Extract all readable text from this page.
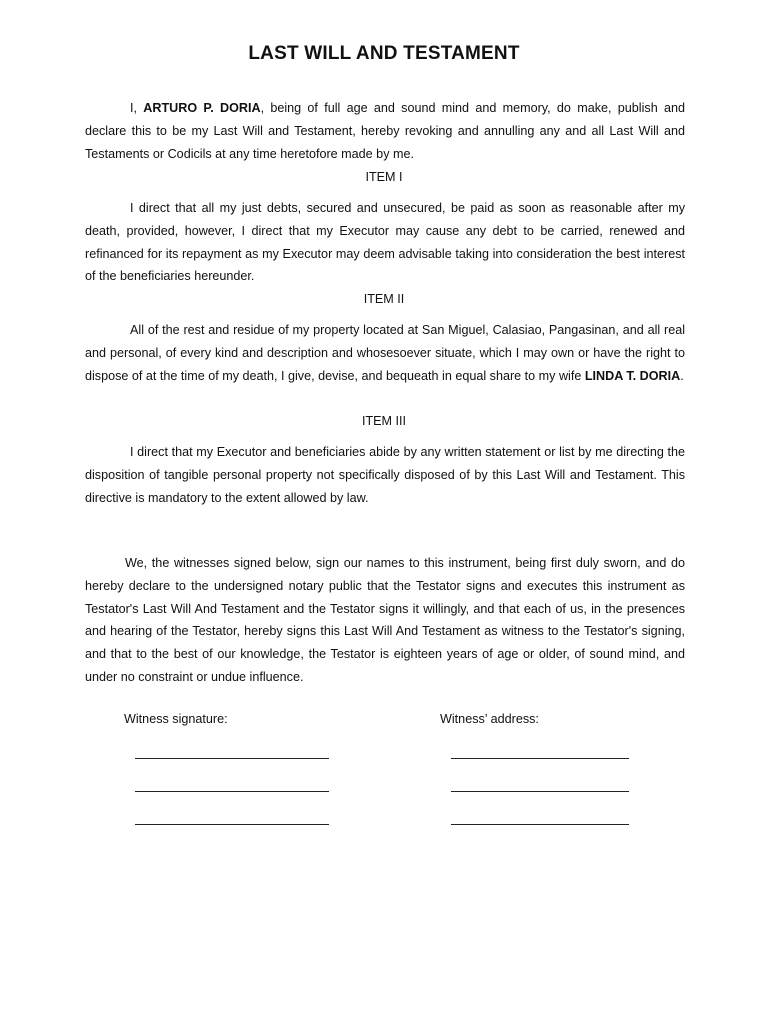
LAST WILL AND TESTAMENT

I, ARTURO P. DORIA, being of full age and sound mind and memory, do make, publish and declare this to be my Last Will and Testament, hereby revoking and annulling any and all Last Will and Testaments or Codicils at any time heretofore made by me.

ITEM I

I direct that all my just debts, secured and unsecured, be paid as soon as reasonable after my death, provided, however, I direct that my Executor may cause any debt to be carried, renewed and refinanced for its repayment as my Executor may deem advisable taking into consideration the best interest of the beneficiaries hereunder.

ITEM II

All of the rest and residue of my property located at San Miguel, Calasiao, Pangasinan, and all real and personal, of every kind and description and whosesoever situate, which I may own or have the right to dispose of at the time of my death, I give, devise, and bequeath in equal share to my wife LINDA T. DORIA.

ITEM III

I direct that my Executor and beneficiaries abide by any written statement or list by me directing the disposition of tangible personal property not specifically disposed of by this Last Will and Testament. This directive is mandatory to the extent allowed by law.

We, the witnesses signed below, sign our names to this instrument, being first duly sworn, and do hereby declare to the undersigned notary public that the Testator signs and executes this instrument as Testator's Last Will And Testament and the Testator signs it willingly, and that each of us, in the presences and hearing of the Testator, hereby signs this Last Will And Testament as witness to the Testator's signing, and that to the best of our knowledge, the Testator is eighteen years of age or older, of sound mind, and under no constraint or undue influence.

Witness signature:	Witness’ address:
